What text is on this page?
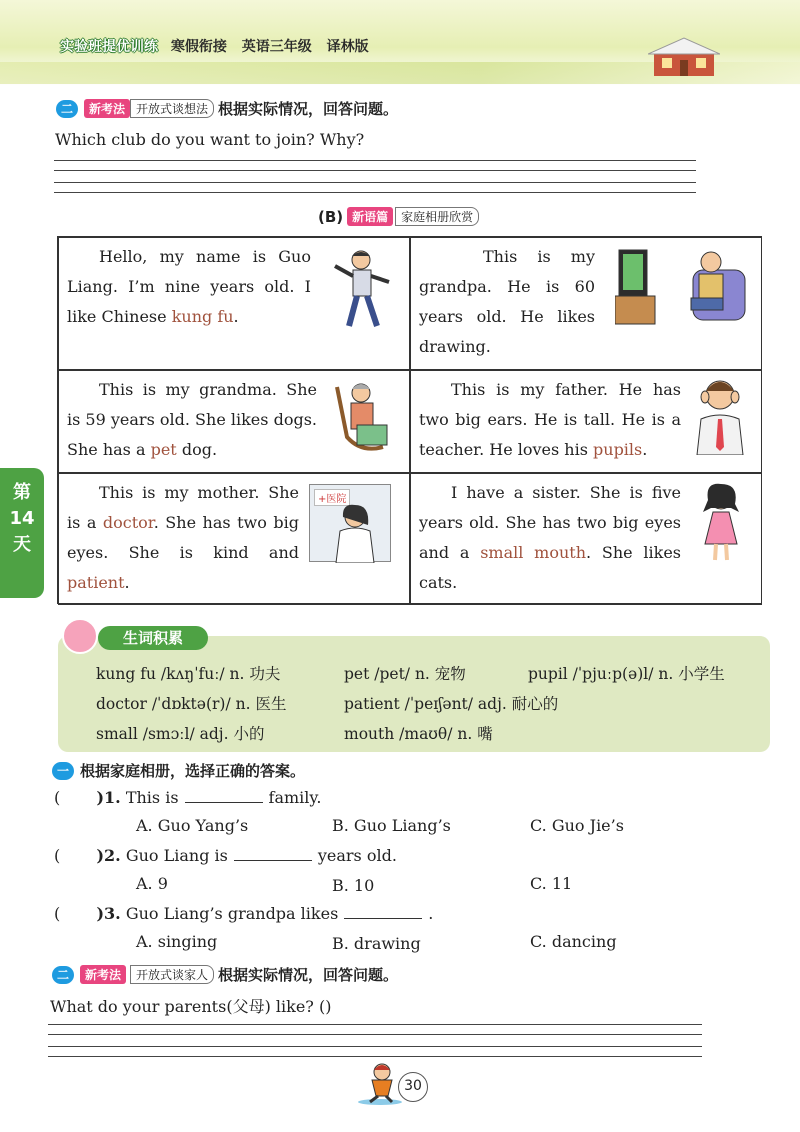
实验班提优训练 寒假衔接 英语三年级 译林版
二	新考法 开放式谈想法 根据实际情况，回答问题。
Which club do you want to join? Why?
(B) 新语篇	家庭相册欣赏

Hello, my name is Guo Liang. I’m nine years old. I like Chinese kung fu.

This is my grandpa. He is 60 years old. He likes drawing.

This is my grandma. She is 59 years old. She likes dogs. She has a pet dog.

This is my father. He has two big ears. He is tall. He is a teacher. He loves his pupils.

This is my mother. She is a doctor. She has two big eyes. She is kind and patient.

+医院	I have a sister. She is five years old. She has two big eyes and a small mouth. She likes cats.

第
14
天
生词积累
kung fu /kʌŋˈfuː/ n. 功夫	pet /pet/ n. 宠物	pupil /ˈpjuːp(ə)l/ n. 小学生
doctor /ˈdɒktə(r)/ n. 医生	patient /ˈpeɪʃənt/ adj. 耐心的
small /smɔːl/ adj. 小的	mouth /maʊθ/ n. 嘴
一 根据家庭相册，选择正确的答案。
( )1. This is	family.
A. Guo Yang’s	B. Guo Liang’s	C. Guo Jie’s
( )2. Guo Liang is	years old.
A. 9	B. 10	C. 11
( )3. Guo Liang’s grandpa likes	.
A. singing	B. drawing	C. dancing
二	新考法	开放式谈家人 根据实际情况，回答问题。
What do your parents(父母) like? ()
30
